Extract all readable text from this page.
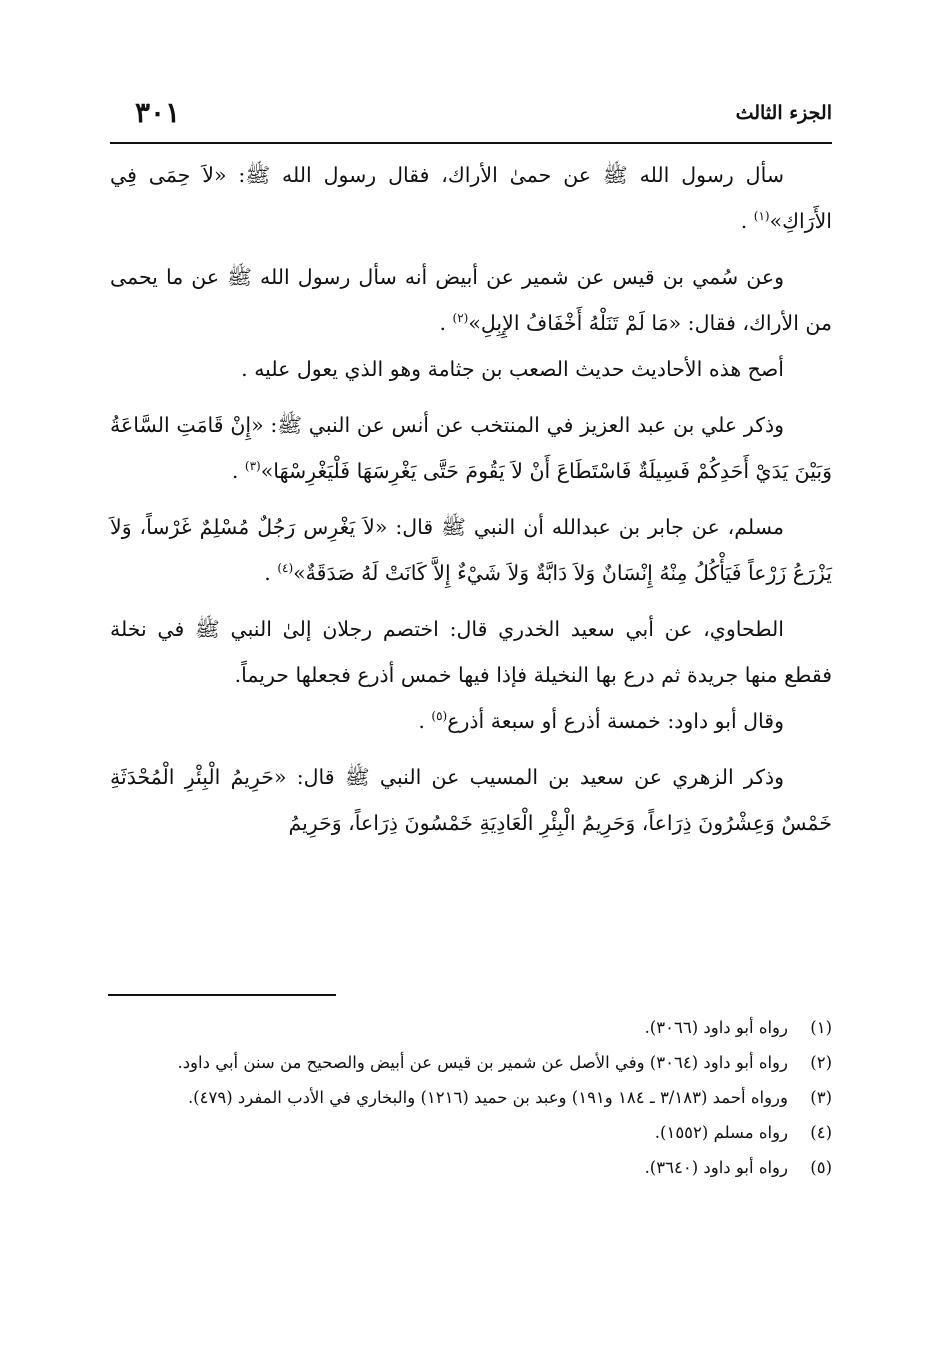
الجزء الثالث
٣٠١

سأل رسول الله ﷺ عن حمىٰ الأراك، فقال رسول الله ﷺ: «لاَ حِمَى فِي الأَرَاكِ»$^{(١)}$ .

وعن سُمي بن قيس عن شمير عن أبيض أنه سأل رسول الله ﷺ عن ما يحمى من الأراك، فقال: «مَا لَمْ تَنَلْهُ أَخْفَافُ الإِبِلِ»$^{(٢)}$ .

أصح هذه الأحاديث حديث الصعب بن جثامة وهو الذي يعول عليه .

وذكر علي بن عبد العزيز في المنتخب عن أنس عن النبي ﷺ: «إِنْ قَامَتِ السَّاعَةُ وَبَيْنَ يَدَيْ أَحَدِكُمْ فَسِيلَةٌ فَاسْتَطَاعَ أَنْ لاَ يَقُومَ حَتَّى يَغْرِسَهَا فَلْيَغْرِسْهَا»$^{(٣)}$ .

مسلم، عن جابر بن عبدالله أن النبي ﷺ قال: «لاَ يَغْرِس رَجُلٌ مُسْلِمٌ غَرْساً، وَلاَ يَزْرَعُ زَرْعاً فَيَأْكُلُ مِنْهُ إِنْسَانٌ وَلاَ دَابَّةٌ وَلاَ شَيْءٌ إِلاَّ كَانَتْ لَهُ صَدَقَةٌ»$^{(٤)}$ .

الطحاوي، عن أبي سعيد الخدري قال: اختصم رجلان إلىٰ النبي ﷺ في نخلة فقطع منها جريدة ثم درع بها النخيلة فإذا فيها خمس أذرع فجعلها حريماً.

وقال أبو داود: خمسة أذرع أو سبعة أذرع$^{(٥)}$ .

وذكر الزهري عن سعيد بن المسيب عن النبي ﷺ قال: «حَرِيمُ الْبِئْرِ الْمُحْدَثَةِ خَمْسٌ وَعِشْرُونَ ذِرَاعاً، وَحَرِيمُ الْبِئْرِ الْعَادِيَةِ خَمْسُونَ ذِرَاعاً، وَحَرِيمُ

(١)
رواه أبو داود (٣٠٦٦).
(٢)
رواه أبو داود (٣٠٦٤) وفي الأصل عن شمير بن قيس عن أبيض والصحيح من سنن أبي داود.
(٣)
ورواه أحمد (٣/١٨٣ ـ ١٨٤ و١٩١) وعبد بن حميد (١٢١٦) والبخاري في الأدب المفرد (٤٧٩).
(٤)
رواه مسلم (١٥٥٢).
(٥)
رواه أبو داود (٣٦٤٠).
